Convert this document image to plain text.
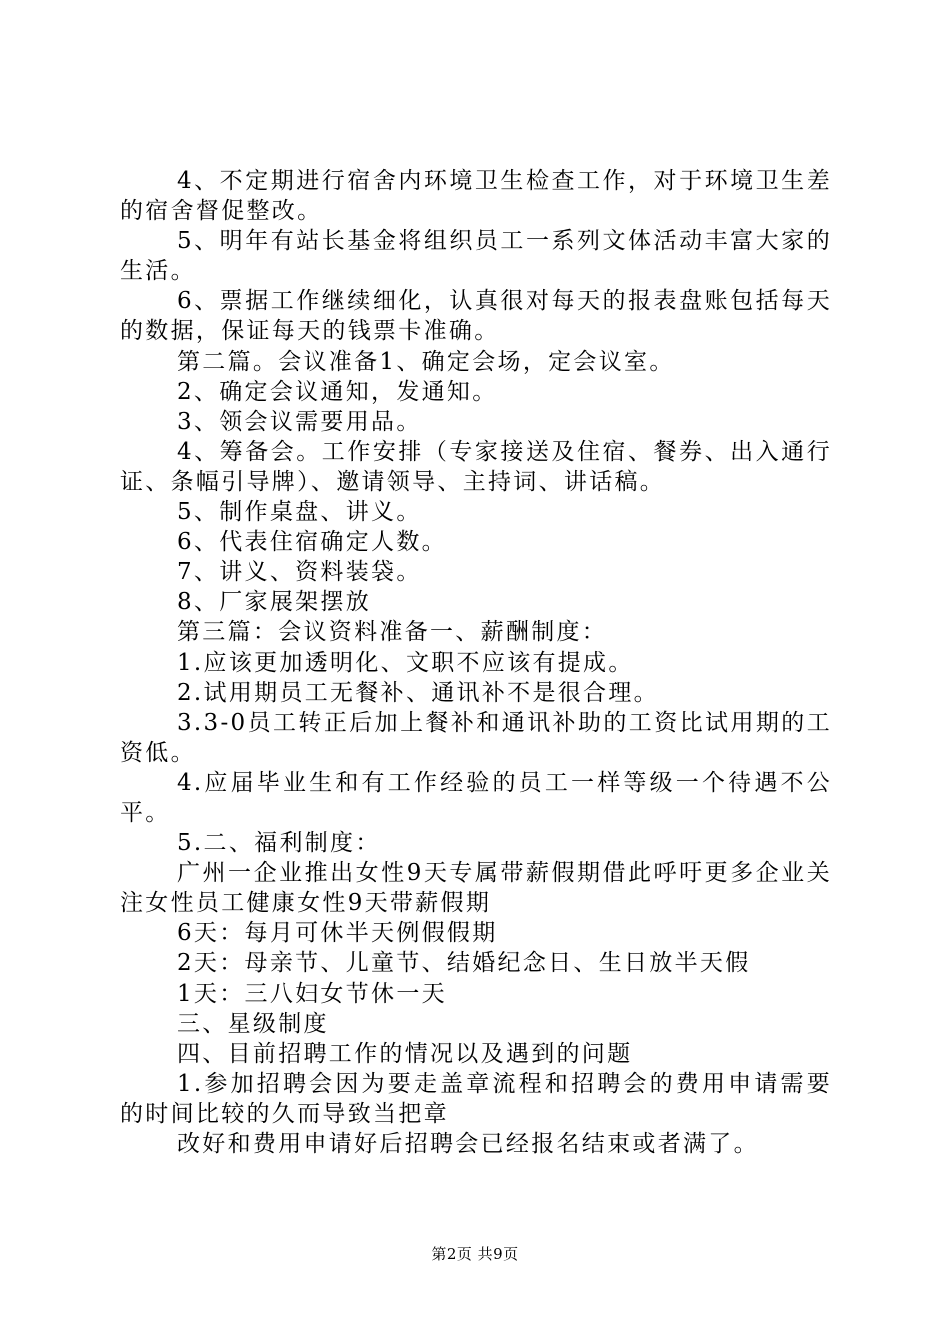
4、不定期进行宿舍内环境卫生检查工作，对于环境卫生差的宿舍督促整改。

5、明年有站长基金将组织员工一系列文体活动丰富大家的生活。

6、票据工作继续细化，认真很对每天的报表盘账包括每天的数据，保证每天的钱票卡准确。

第二篇。会议准备1、确定会场，定会议室。

2、确定会议通知，发通知。

3、领会议需要用品。

4、筹备会。工作安排（专家接送及住宿、餐券、出入通行证、条幅引导牌）、邀请领导、主持词、讲话稿。

5、制作桌盘、讲义。

6、代表住宿确定人数。

7、讲义、资料装袋。

8、厂家展架摆放

第三篇：会议资料准备一、薪酬制度：

1.应该更加透明化、文职不应该有提成。

2.试用期员工无餐补、通讯补不是很合理。

3.3-0员工转正后加上餐补和通讯补助的工资比试用期的工资低。

4.应届毕业生和有工作经验的员工一样等级一个待遇不公平。

5.二、福利制度：

广州一企业推出女性9天专属带薪假期借此呼吁更多企业关注女性员工健康女性9天带薪假期

6天：每月可休半天例假假期

2天：母亲节、儿童节、结婚纪念日、生日放半天假

1天：三八妇女节休一天

三、星级制度

四、目前招聘工作的情况以及遇到的问题

1.参加招聘会因为要走盖章流程和招聘会的费用申请需要的时间比较的久而导致当把章

改好和费用申请好后招聘会已经报名结束或者满了。

第2页 共9页
